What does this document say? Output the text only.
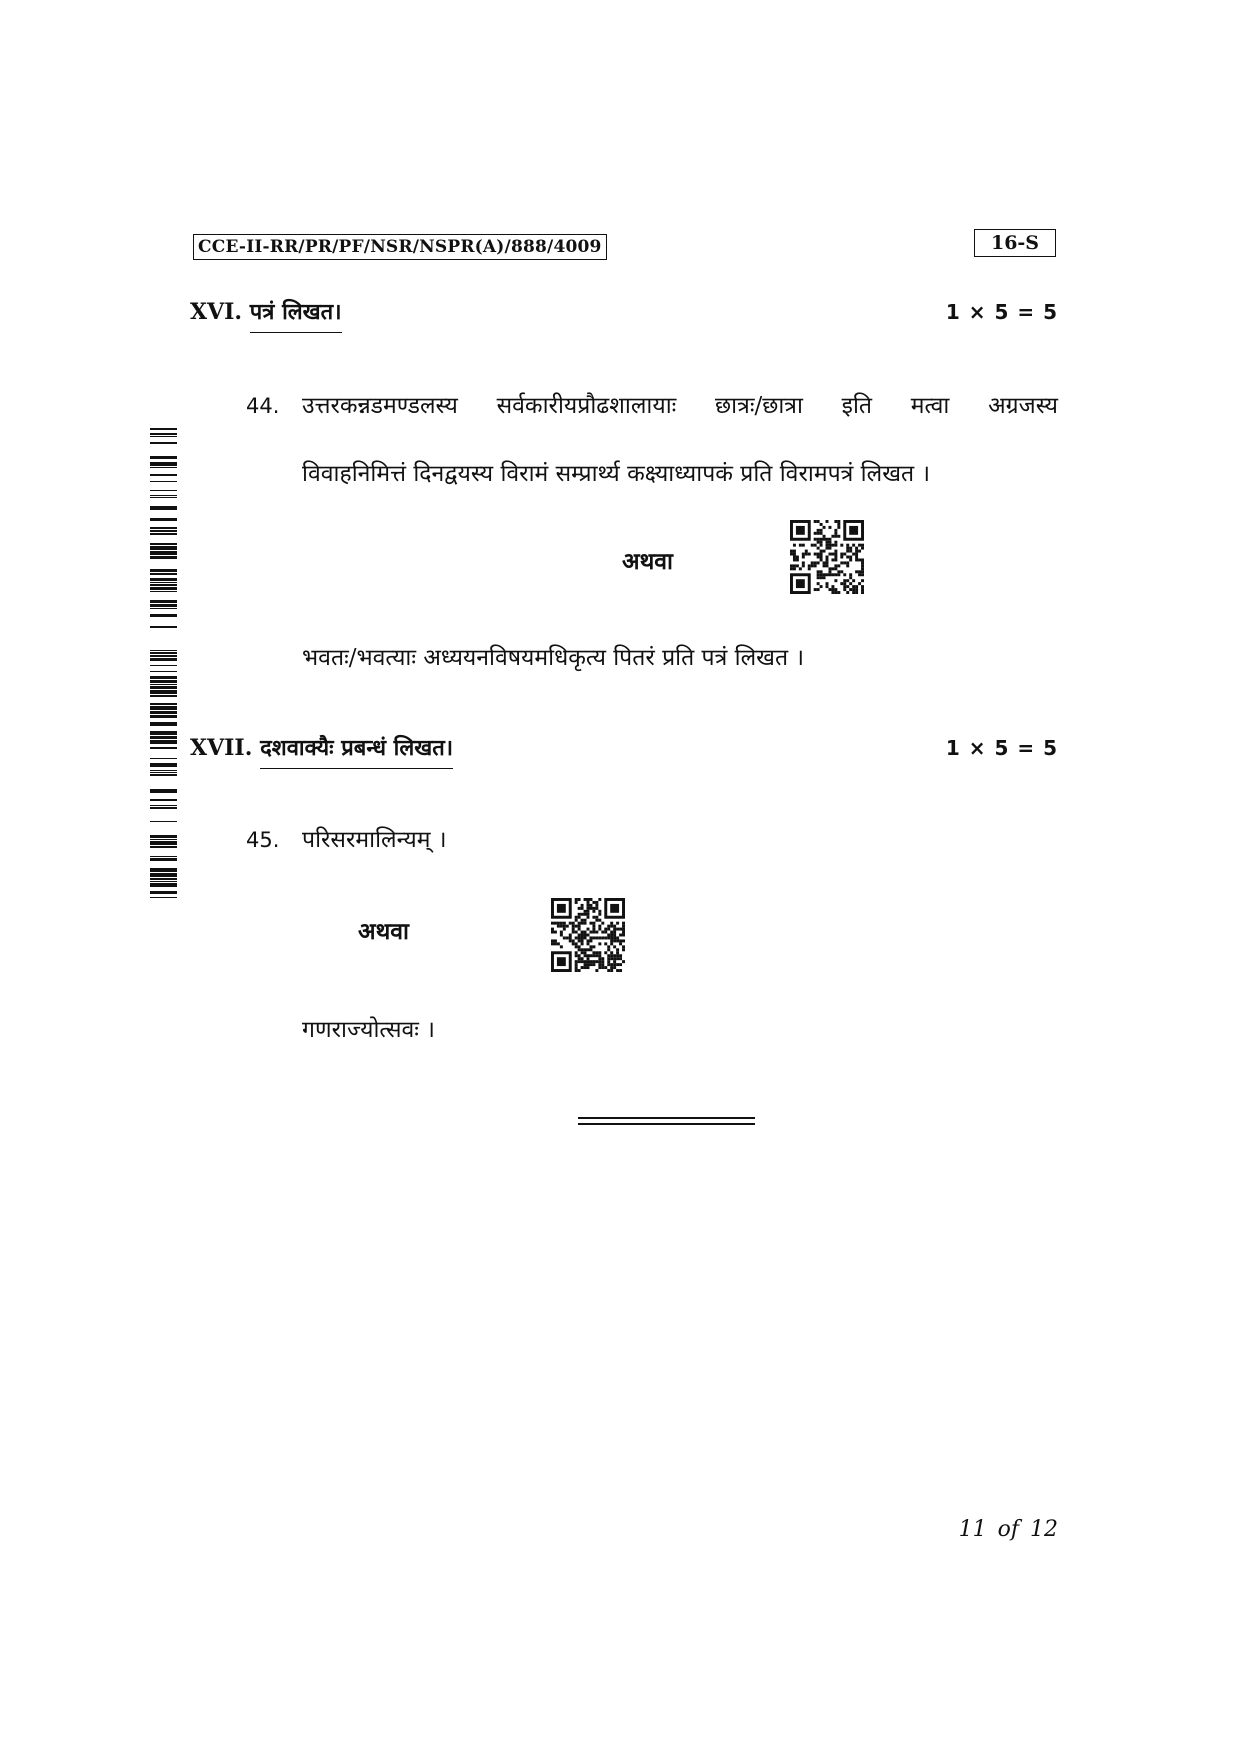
CCE-II-RR/PR/PF/NSR/NSPR(A)/888/4009	16-S
XVI. पत्रं लिखत।	1 × 5 = 5
44. उत्तरकन्नडमण्डलस्य सर्वकारीयप्रौढशालायाः छात्रः/छात्रा इति मत्वा अग्रजस्य
विवाहनिमित्तं दिनद्वयस्य विरामं सम्प्रार्थ्य कक्ष्याध्यापकं प्रति विरामपत्रं लिखत ।
अथवा
भवतः/भवत्याः अध्ययनविषयमधिकृत्य पितरं प्रति पत्रं लिखत ।
XVII. दशवाक्यैः प्रबन्धं लिखत।	1 × 5 = 5
45. परिसरमालिन्यम् ।
अथवा
गणराज्योत्सवः ।
11 of 12
